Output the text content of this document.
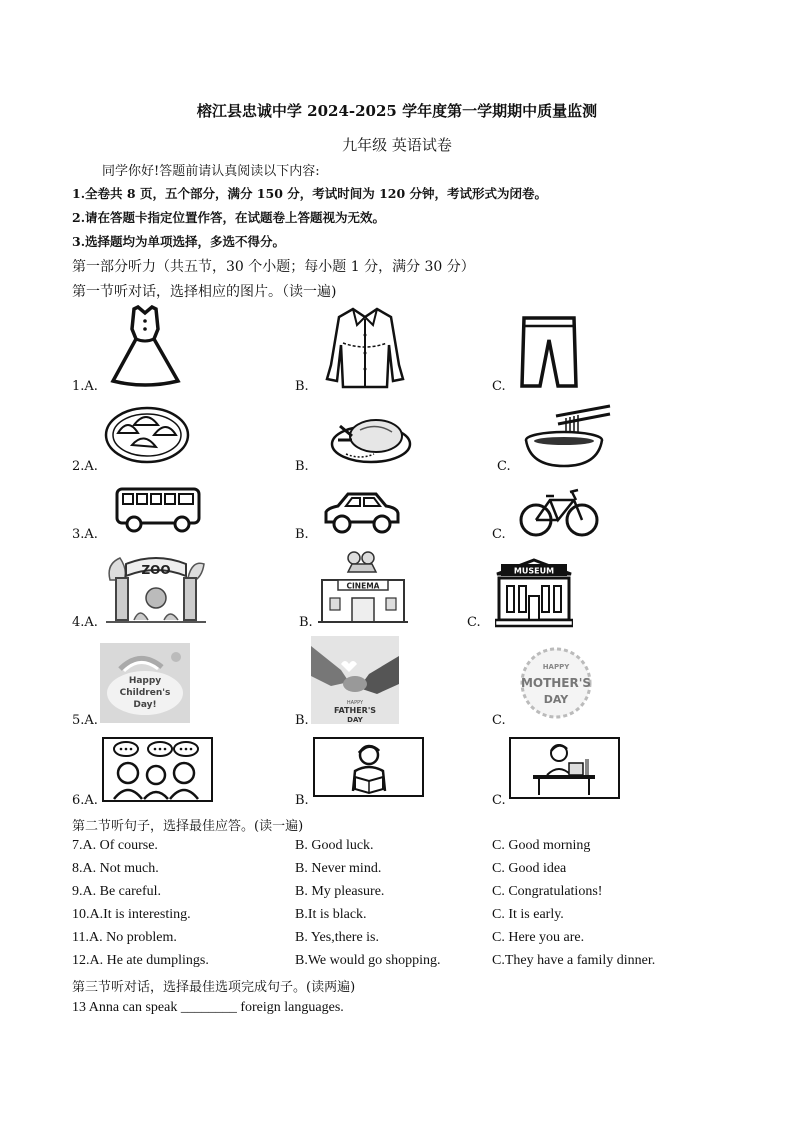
榕江县忠诚中学 2024-2025 学年度第一学期期中质量监测
九年级 英语试卷
同学你好!答题前请认真阅读以下内容:
1.全卷共 8 页，五个部分，满分 150 分，考试时间为 120 分钟，考试形式为闭卷。
2.请在答题卡指定位置作答，在试题卷上答题视为无效。
3.选择题均为单项选择，多选不得分。
第一部分听力（共五节，30 个小题；每小题 1 分，满分 30 分）
第一节听对话，选择相应的图片。（读一遍)
1.A.	B.	C.
2.A.	B.	C.
3.A.	B.	C.
4.A.	B.	C.
ZOO
CINEMA
MUSEUM
5.A.	B.	C.
Happy
Children's
Day!	HAPPY
FATHER'S
DAY
HAPPY
MOTHER'S
DAY
6.A.	B.	C.
第二节听句子，选择最佳应答。(读一遍)
7.A. Of course.	B. Good luck.	C. Good morning
8.A. Not much.	B. Never mind.	C. Good idea
9.A. Be careful.	B. My pleasure.	C. Congratulations!
10.A.It is interesting.	B.It is black.	C. It is early.
11.A. No problem.	B. Yes,there is.	C. Here you are.
12.A. He ate dumplings.	B.We would go shopping.	C.They have a family dinner.
第三节听对话，选择最佳选项完成句子。(读两遍)
13 Anna can speak ________ foreign languages.
